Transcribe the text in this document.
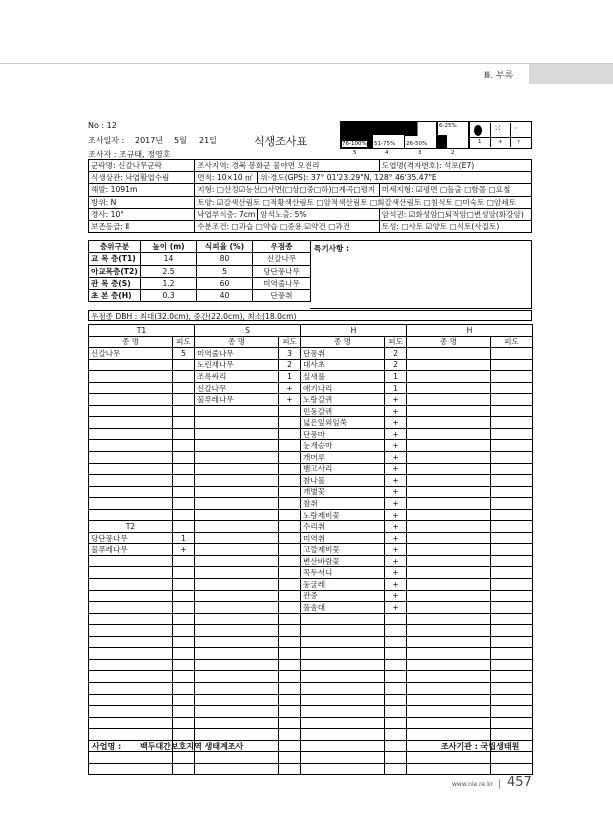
Ⅲ. 부록
No : 12
조사일자 : 2017년 5월 21일
조사자 : 조규태, 정영호
식생조사표	76-100% 51-75% 26-50%
6-25%	⁙ ·
1	+	r
5	4	3	2
군락명: 신갈나무군락	조사지역: 경북 봉화군 물야면 오전리		도엽명(격자번호): 석포(E7)
식생상관: 낙엽활엽수림	면적: 10×10 ㎡	위·경도(GPS): 37° 01'23.29"N, 128° 46'35.47"E	
해발: 1091m	지형: □산정☑능선□사면(□상□중□하)□계곡□평지		미세지형: ☑평면 □돌출 □함몰 □요철
방위: N	토양: ☑갈색산림토 □적황색산림토 □암적색산림토 □회갈색산림토 □침식토 □미숙토 □암쇄토		
경사: 10°	낙엽부식층: 7cm	암석노출: 5%	암석권: ☑화성암□퇴적암□변성암(화강암)
보존등급: Ⅱ	수분조건: □과습 □약습 □중용 ☑약건 □과건		토성: □사토 ☑양토 □식토(사질토)
층위구분	높이 (m)	식피율 (%)	우점종
교 목 층(T1)	14	80	신갈나무
아교목층(T2)	2.5	5	당단풍나무
관 목 층(S)	1.2	60	미역줄나무
초 본 층(H)	0.3	40	단풍취
특기사항 :
우점종 DBH : 최대(32.0cm), 중간(22.0cm), 최소(18.0cm)
T1		S		H		H	
종 명	피도	종 명	피도	종 명	피도	종 명	피도
신갈나무	5	미역줄나무	3	단풍취	2		
		노린재나무	2	대사초	2		
		조록싸리	1	실새풀	1		
		신갈나무	+	애기나리	1		
		물푸레나무	+	노랑갈퀴	+		
				민둥갈퀴	+		
				넓은잎외잎쑥	+		
				단풍마	+		
				눈개승마	+		
				개머루	+		
				뱀고사리	+		
				참나물	+		
				개별꽃	+		
				참취	+		
				노랑제비꽃	+		
T2				수리취	+		
당단풍나무	1			미역취	+		
물푸레나무	+			고깔제비꽃	+		
				변산바람꽃	+		
				꼭두서니	+		
				둥굴레	+		
				관중	+		
				풀솜대	+		

사업명 : 백두대간보호지역 생태계조사	조사기관 : 국립생태원
www.nie.re.kr 457
